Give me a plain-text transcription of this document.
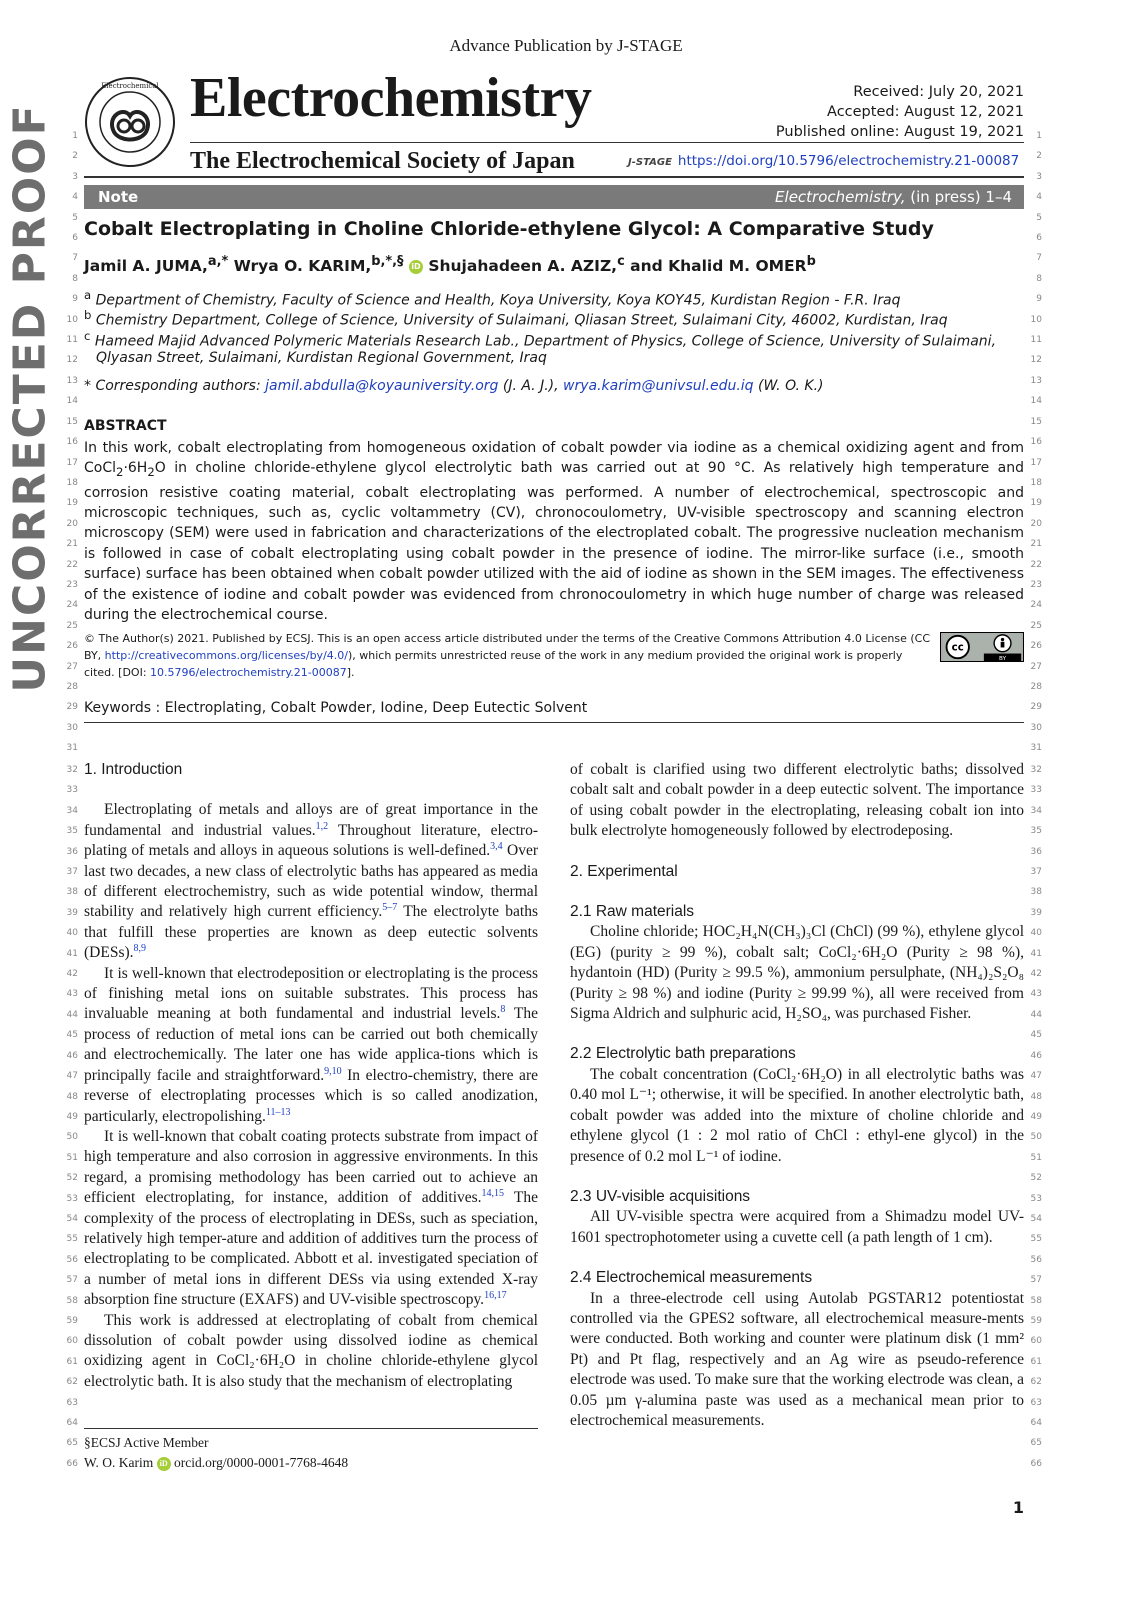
Advance Publication by J-STAGE
UNCORRECTED PROOF
Electrochemical Electrochemistry
The Electrochemical Society of Japan
Received: July 20, 2021
Accepted: August 12, 2021
Published online: August 19, 2021
J-STAGE https://doi.org/10.5796/electrochemistry.21-00087
Note	Electrochemistry, (in press) 1–4
Cobalt Electroplating in Choline Chloride-ethylene Glycol: A Comparative Study
Jamil A. JUMA,$^{a,*}$ Wrya O. KARIM,$^{b,*,\S}$ iD Shujahadeen A. AZIZ,$^c$ and Khalid M. OMER$^b$
$^a$ Department of Chemistry, Faculty of Science and Health, Koya University, Koya KOY45, Kurdistan Region - F.R. Iraq
$^b$ Chemistry Department, College of Science, University of Sulaimani, Qliasan Street, Sulaimani City, 46002, Kurdistan, Iraq
$^c$ Hameed Majid Advanced Polymeric Materials Research Lab., Department of Physics, College of Science, University of Sulaimani,
Qlyasan Street, Sulaimani, Kurdistan Regional Government, Iraq
* Corresponding authors: jamil.abdulla@koyauniversity.org (J. A. J.), wrya.karim@univsul.edu.iq (W. O. K.)
ABSTRACT
In this work, cobalt electroplating from homogeneous oxidation of cobalt powder via iodine as a chemical oxidizing agent and from $CoCl_2\cdot 6H_2O$ in choline chloride-ethylene glycol electrolytic bath was carried out at 90 °C. As relatively high temperature and corrosion resistive coating material, cobalt electroplating was performed. A number of electrochemical, spectroscopic and microscopic techniques, such as, cyclic voltammetry (CV), chronocoulometry, UV-visible spectroscopy and scanning electron microscopy (SEM) were used in fabrication and characterizations of the electroplated cobalt. The progressive nucleation mechanism is followed in case of cobalt electroplating using cobalt powder in the presence of iodine. The mirror-like surface (i.e., smooth surface) surface has been obtained when cobalt powder utilized with the aid of iodine as shown in the SEM images. The effectiveness of the existence of iodine and cobalt powder was evidenced from chronocoulometry in which huge number of charge was released during the electrochemical course.
© The Author(s) 2021. Published by ECSJ. This is an open access article distributed under the terms of the Creative Commons Attribution 4.0 License (CC BY, http://creativecommons.org/licenses/by/4.0/), which permits unrestricted reuse of the work in any medium provided the original work is properly cited. [DOI: 10.5796/electrochemistry.21-00087].
cc
BY
Keywords : Electroplating, Cobalt Powder, Iodine, Deep Eutectic Solvent
1
2
3
4
5
6
7
8
9
10
11
12
13
14
15
16
17
18
19
20
21
22
23
24
25
26
27
28
29
30
31
32
33
34
35
36
37
38
39
40
41
42
43
44
45
46
47
48
49
50
51
52
53
54
55
56
57
58
59
60
61
62
63
64
65
66
1
2
3
4
5
6
7
8
9
10
11
12
13
14
15
16
17
18
19
20
21
22
23
24
25
26
27
28
29
30
31
32
33
34
35
36
37
38
39
40
41
42
43
44
45
46
47
48
49
50
51
52
53
54
55
56
57
58
59
60
61
62
63
64
65
66
1. Introduction

Electroplating of metals and alloys are of great importance in the fundamental and industrial values.$^{1,2}$ Throughout literature, electro-plating of metals and alloys in aqueous solutions is well-defined.$^{3,4}$ Over last two decades, a new class of electrolytic baths has appeared as media of different electrochemistry, such as wide potential window, thermal stability and relatively high current efficiency.$^{5-7}$ The electrolyte baths that fulfill these properties are known as deep eutectic solvents (DESs).$^{8,9}$

It is well-known that electrodeposition or electroplating is the process of finishing metal ions on suitable substrates. This process has invaluable meaning at both fundamental and industrial levels.$^8$ The process of reduction of metal ions can be carried out both chemically and electrochemically. The later one has wide applica-tions which is principally facile and straightforward.$^{9,10}$ In electro-chemistry, there are reverse of electroplating processes which is so called anodization, particularly, electropolishing.$^{11-13}$

It is well-known that cobalt coating protects substrate from impact of high temperature and also corrosion in aggressive environments. In this regard, a promising methodology has been carried out to achieve an efficient electroplating, for instance, addition of additives.$^{14,15}$ The complexity of the process of electroplating in DESs, such as speciation, relatively high temper-ature and addition of additives turn the process of electroplating to be complicated. Abbott et al. investigated speciation of a number of metal ions in different DESs via using extended X-ray absorption fine structure (EXAFS) and UV-visible spectroscopy.$^{16,17}$

This work is addressed at electroplating of cobalt from chemical dissolution of cobalt powder using dissolved iodine as chemical oxidizing agent in CoCl₂·6H₂O in choline chloride-ethylene glycol electrolytic bath. It is also study that the mechanism of electroplating

§ECSJ Active Member
W. O. Karim iD orcid.org/0000-0001-7768-4648

of cobalt is clarified using two different electrolytic baths; dissolved cobalt salt and cobalt powder in a deep eutectic solvent. The importance of using cobalt powder in the electroplating, releasing cobalt ion into bulk electrolyte homogeneously followed by electrodeposing.

2. Experimental
2.1 Raw materials

Choline chloride; HOC₂H₄N(CH₃)₃Cl (ChCl) (99 %), ethylene glycol (EG) (purity ≥ 99 %), cobalt salt; CoCl₂·6H₂O (Purity ≥ 98 %), hydantoin (HD) (Purity ≥ 99.5 %), ammonium persulphate, (NH₄)₂S₂O₈ (Purity ≥ 98 %) and iodine (Purity ≥ 99.99 %), all were received from Sigma Aldrich and sulphuric acid, H₂SO₄, was purchased Fisher.

2.2 Electrolytic bath preparations

The cobalt concentration (CoCl₂·6H₂O) in all electrolytic baths was 0.40 mol L⁻¹; otherwise, it will be specified. In another electrolytic bath, cobalt powder was added into the mixture of choline chloride and ethylene glycol (1 : 2 mol ratio of ChCl : ethyl-ene glycol) in the presence of 0.2 mol L⁻¹ of iodine.

2.3 UV-visible acquisitions

All UV-visible spectra were acquired from a Shimadzu model UV-1601 spectrophotometer using a cuvette cell (a path length of 1 cm).

2.4 Electrochemical measurements

In a three-electrode cell using Autolab PGSTAR12 potentiostat controlled via the GPES2 software, all electrochemical measure-ments were conducted. Both working and counter were platinum disk (1 mm² Pt) and Pt flag, respectively and an Ag wire as pseudo-reference electrode was used. To make sure that the working electrode was clean, a 0.05 µm γ-alumina paste was used as a mechanical mean prior to electrochemical measurements.

1
